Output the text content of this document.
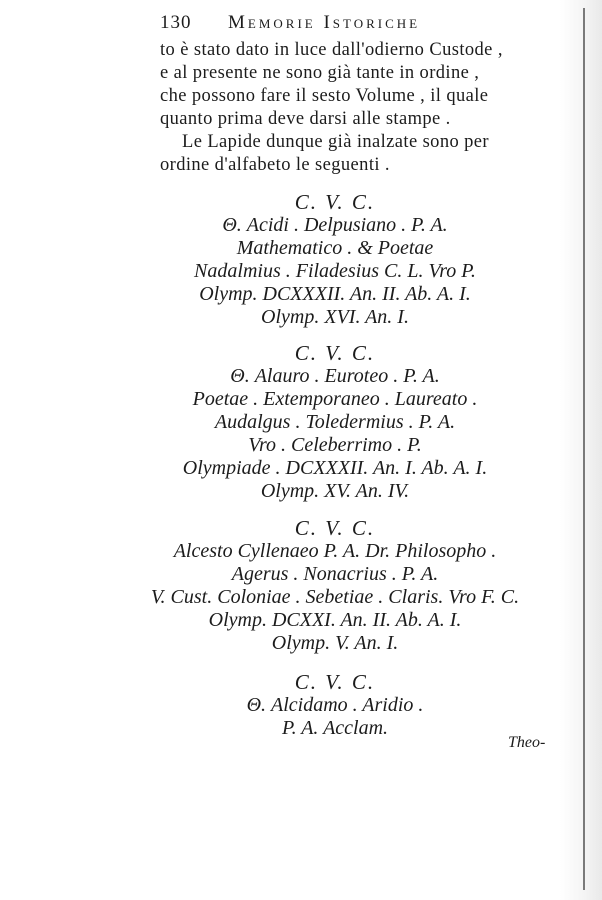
130 Memorie Istoriche
to è stato dato in luce dall'odierno Custode ,
e al presente ne sono già tante in ordine ,
che possono fare il sesto Volume , il quale
quanto prima deve darsi alle stampe .
Le Lapide dunque già inalzate sono per
ordine d'alfabeto le seguenti .
C. V. C.
Θ. Acidi . Delpusiano . P. A.
Mathematico . & Poetae
Nadalmius . Filadesius C. L. Vro P.
Olymp. DCXXXII. An. II. Ab. A. I.
Olymp. XVI. An. I.
C. V. C.
Θ. Alauro . Euroteo . P. A.
Poetae . Extemporaneo . Laureato .
Audalgus . Toledermius . P. A.
Vro . Celeberrimo . P.
Olympiade . DCXXXII. An. I. Ab. A. I.
Olymp. XV. An. IV.
C. V. C.
Alcesto Cyllenaeo P. A. Dr. Philosopho .
Agerus . Nonacrius . P. A.
V. Cust. Coloniae . Sebetiae . Claris. Vro F. C.
Olymp. DCXXI. An. II. Ab. A. I.
Olymp. V. An. I.
C. V. C.
Θ. Alcidamo . Aridio .
P. A. Acclam.
Theo-
